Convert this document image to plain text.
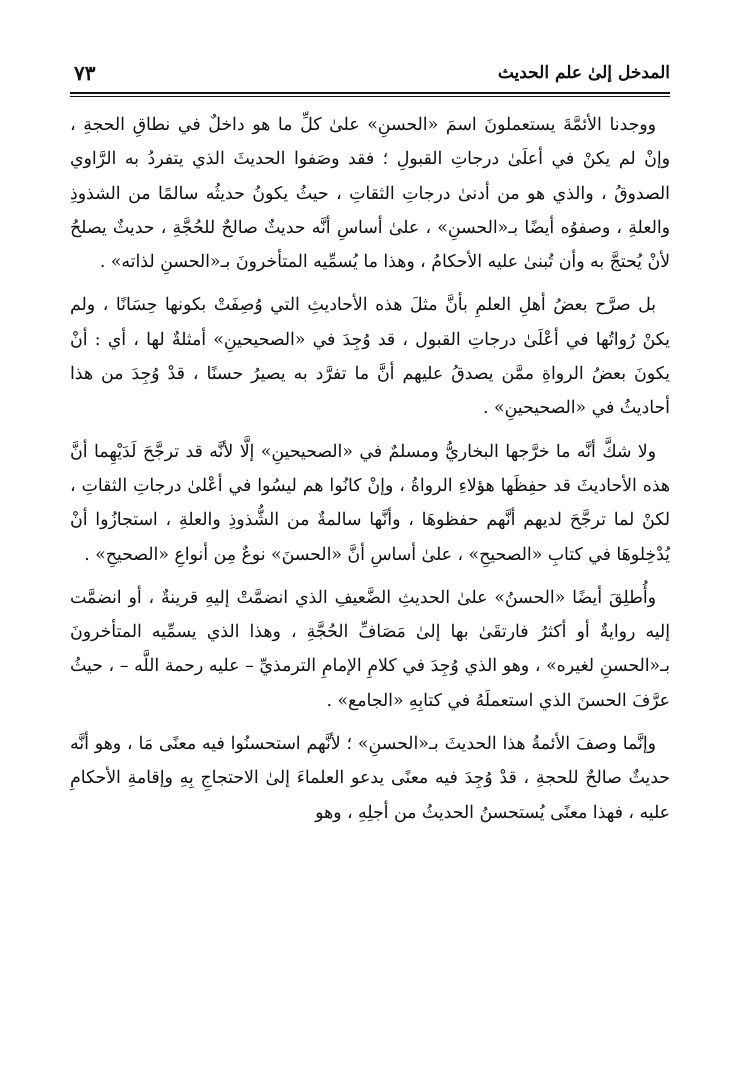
٧٣	المدخل إلىٰ علم الحديث

ووجدنا الأئمَّةَ يستعملونَ اسمَ «الحسنِ» علىٰ كلِّ ما هو داخلٌ في نطاقِ الحجةِ ، وإنْ لم يكنْ في أعلَىٰ درجاتِ القبولِ ؛ فقد وصَفوا الحديثَ الذي يتفردُ به الرَّاوي الصدوقُ ، والذي هو من أدنىٰ درجاتِ الثقاتِ ، حيثُ يكونُ حديثُه سالمًا من الشذوذِ والعلةِ ، وصفوُه أيضًا بـ«الحسنِ» ، علىٰ أساسِ أنَّه حديثٌ صالحٌ للحُجَّةِ ، حديثٌ يصلحُ لأنْ يُحتجَّ به وأن تُبنىٰ عليه الأحكامُ ، وهذا ما يُسمِّيه المتأخرونَ بـ«الحسنِ لذاته» .

بل صرَّح بعضُ أهلِ العلمِ بأنَّ مثلَ هذه الأحاديثِ التي وُصِفَتْ بكونها حِسَانًا ، ولم يكنْ رُواتُها في أعْلَىٰ درجاتِ القبول ، قد وُجِدَ في «الصحيحينِ» أمثلةٌ لها ، أي : أنْ يكونَ بعضُ الرواةِ ممَّن يصدقُ عليهم أنَّ ما تفرَّد به يصيرُ حسنًا ، قدْ وُجِدَ من هذا أحاديثُ في «الصحيحينِ» .

ولا شكَّ أنَّه ما خرَّجها البخاريُّ ومسلمٌ في «الصحيحينِ» إلَّا لأنَّه قد ترجَّحَ لَدَيْهِما أنَّ هذه الأحاديثَ قد حفِظَها هؤلاءِ الرواةُ ، وإنْ كانُوا هم ليسُوا في أعْلىٰ درجاتِ الثقاتِ ، لكنْ لما ترجَّحَ لديهم أنَّهم حفظوهَا ، وأنَّها سالمةٌ من الشُّذوذِ والعلةِ ، استجازُوا أنْ يُدْخِلوهَا في كتابِ «الصحيحِ» ، علىٰ أساسِ أنَّ «الحسنَ» نوعٌ مِن أنواعِ «الصحيحِ» .

وأُطلِقَ أيضًا «الحسنُ» علىٰ الحديثِ الضَّعيفِ الذي انضمَّتْ إليهِ قرينةٌ ، أو انضمَّت إليه روايةٌ أو أكثرُ فارتقَىٰ بها إلىٰ مَصَافِّ الحُجَّةِ ، وهذا الذي يسمِّيه المتأخرونَ بـ«الحسنِ لغيره» ، وهو الذي وُجِدَ في كلامِ الإمامِ الترمذيِّ – عليه رحمة اللَّه – ، حيثُ عرَّفَ الحسنَ الذي استعملَهُ في كتابِهِ «الجامع» .

وإنَّما وصفَ الأئمةُ هذا الحديثَ بـ«الحسنِ» ؛ لأنَّهم استحسنُوا فيه معنًى مَا ، وهو أنَّه حديثٌ صالحٌ للحجةِ ، قدْ وُجِدَ فيه معنًى يدعو العلماءَ إلىٰ الاحتجاجِ بِهِ وإقامةِ الأحكامِ عليه ، فهذا معنًى يُستحسنُ الحديثُ من أجلِهِ ، وهو
